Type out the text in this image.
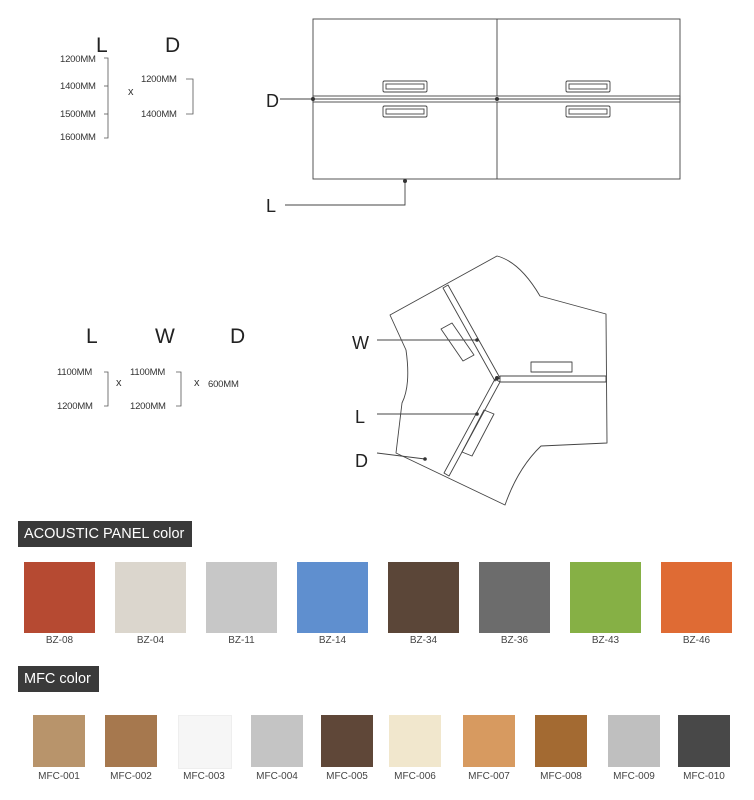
L	D
1200MM
1400MM
1500MM
1600MM
x
1200MM
1400MM
L	W	D
1100MM
1200MM
x
1100MM
1200MM
x 600MM
D
L
W
L
D
ACOUSTIC PANEL color
BZ-08	BZ-04	BZ-11	BZ-14	BZ-34	BZ-36	BZ-43	BZ-46
MFC color
MFC-001	MFC-002	MFC-003	MFC-004	MFC-005	MFC-006	MFC-007	MFC-008	MFC-009	MFC-010
